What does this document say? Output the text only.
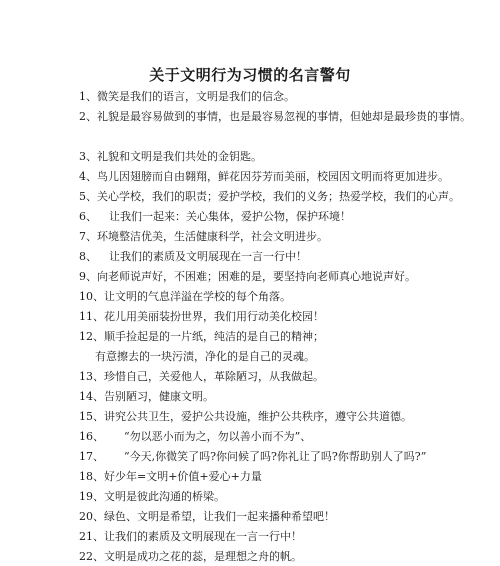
关于文明行为习惯的名言警句
1、微笑是我们的语言，文明是我们的信念。
2、礼貌是最容易做到的事情，也是最容易忽视的事情，但她却是最珍贵的事情。
3、礼貌和文明是我们共处的金钥匙。
4、鸟儿因翅膀而自由翱翔，鲜花因芬芳而美丽，校园因文明而将更加进步。
5、关心学校，我们的职责；爱护学校，我们的义务；热爱学校，我们的心声。
6、 让我们一起来：关心集体，爱护公物，保护环境！
7、环境整洁优美，生活健康科学，社会文明进步。
8、 让我们的素质及文明展现在一言一行中！
9、向老师说声好，不困难；困难的是，要坚持向老师真心地说声好。
10、让文明的气息洋溢在学校的每个角落。
11、花儿用美丽装扮世界，我们用行动美化校园！
12、顺手捡起是的一片纸，纯洁的是自己的精神；
有意擦去的一块污渍，净化的是自己的灵魂。
13、珍惜自己，关爱他人，革除陋习，从我做起。
14、告别陋习，健康文明。
15、讲究公共卫生，爱护公共设施，维护公共秩序，遵守公共道德。
16、 “勿以恶小而为之，勿以善小而不为”、
17、 “今天,你微笑了吗?你问候了吗?你礼让了吗?你帮助别人了吗?”
18、好少年=文明+价值+爱心+力量
19、文明是彼此沟通的桥梁。
20、绿色、文明是希望，让我们一起来播种希望吧！
21、让我们的素质及文明展现在一言一行中！
22、文明是成功之花的蕊，是理想之舟的帆。
